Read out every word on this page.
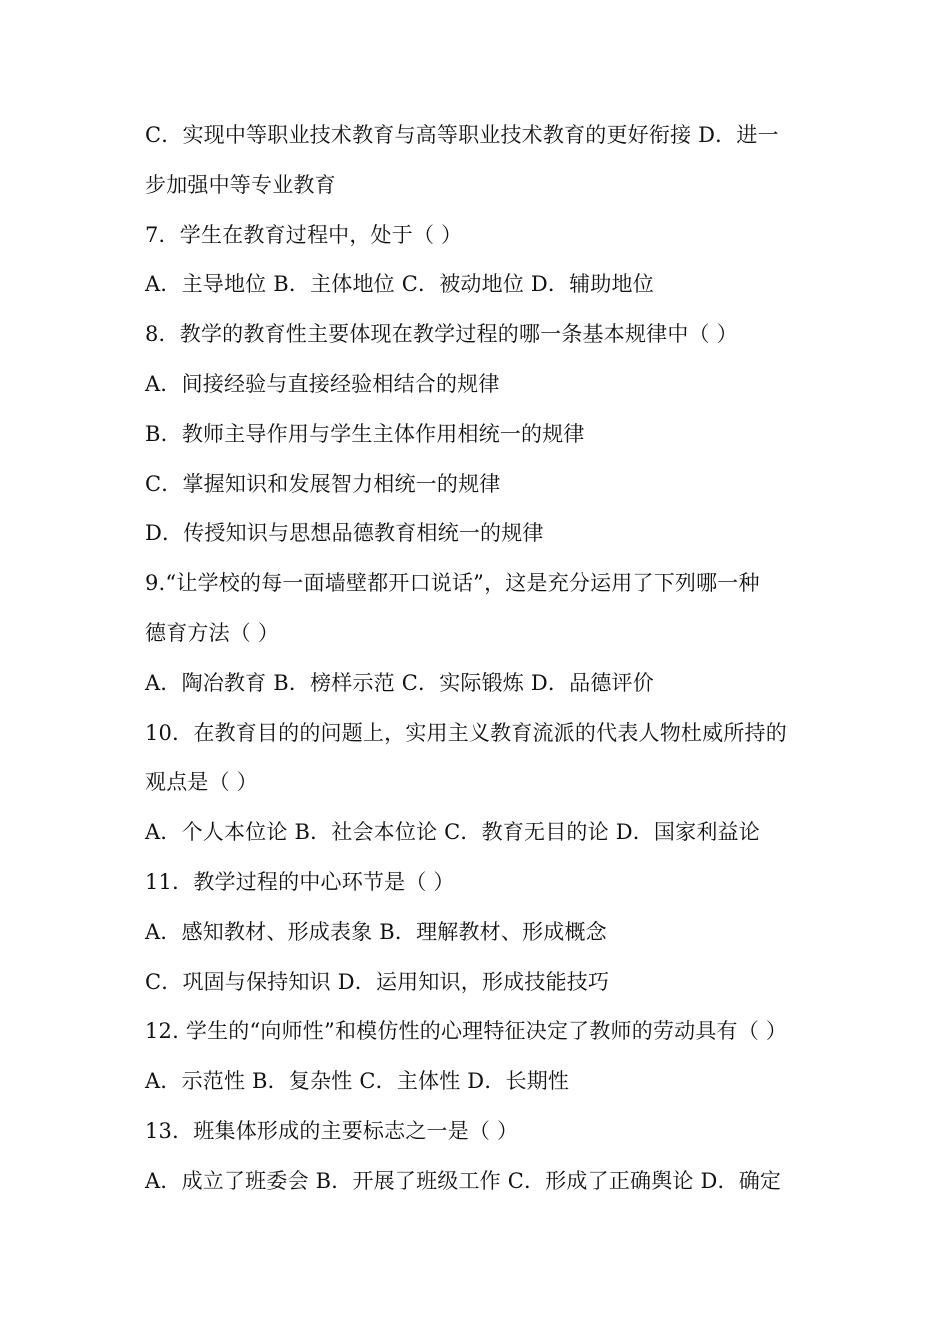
C．实现中等职业技术教育与高等职业技术教育的更好衔接 D．进一
步加强中等专业教育
7．学生在教育过程中，处于（ ）
A．主导地位 B．主体地位 C．被动地位 D．辅助地位
8．教学的教育性主要体现在教学过程的哪一条基本规律中（ ）
A．间接经验与直接经验相结合的规律
B．教师主导作用与学生主体作用相统一的规律
C．掌握知识和发展智力相统一的规律
D．传授知识与思想品德教育相统一的规律
9.“让学校的每一面墙壁都开口说话”，这是充分运用了下列哪一种
德育方法（ ）
A．陶冶教育 B．榜样示范 C．实际锻炼 D．品德评价
10．在教育目的的问题上，实用主义教育流派的代表人物杜威所持的
观点是（ ）
A．个人本位论 B．社会本位论 C．教育无目的论 D．国家利益论
11．教学过程的中心环节是（ ）
A．感知教材、形成表象 B．理解教材、形成概念
C．巩固与保持知识 D．运用知识，形成技能技巧
12. 学生的“向师性”和模仿性的心理特征决定了教师的劳动具有（ ）
A．示范性 B．复杂性 C．主体性 D．长期性
13．班集体形成的主要标志之一是（ ）
A．成立了班委会 B．开展了班级工作 C．形成了正确舆论 D．确定
